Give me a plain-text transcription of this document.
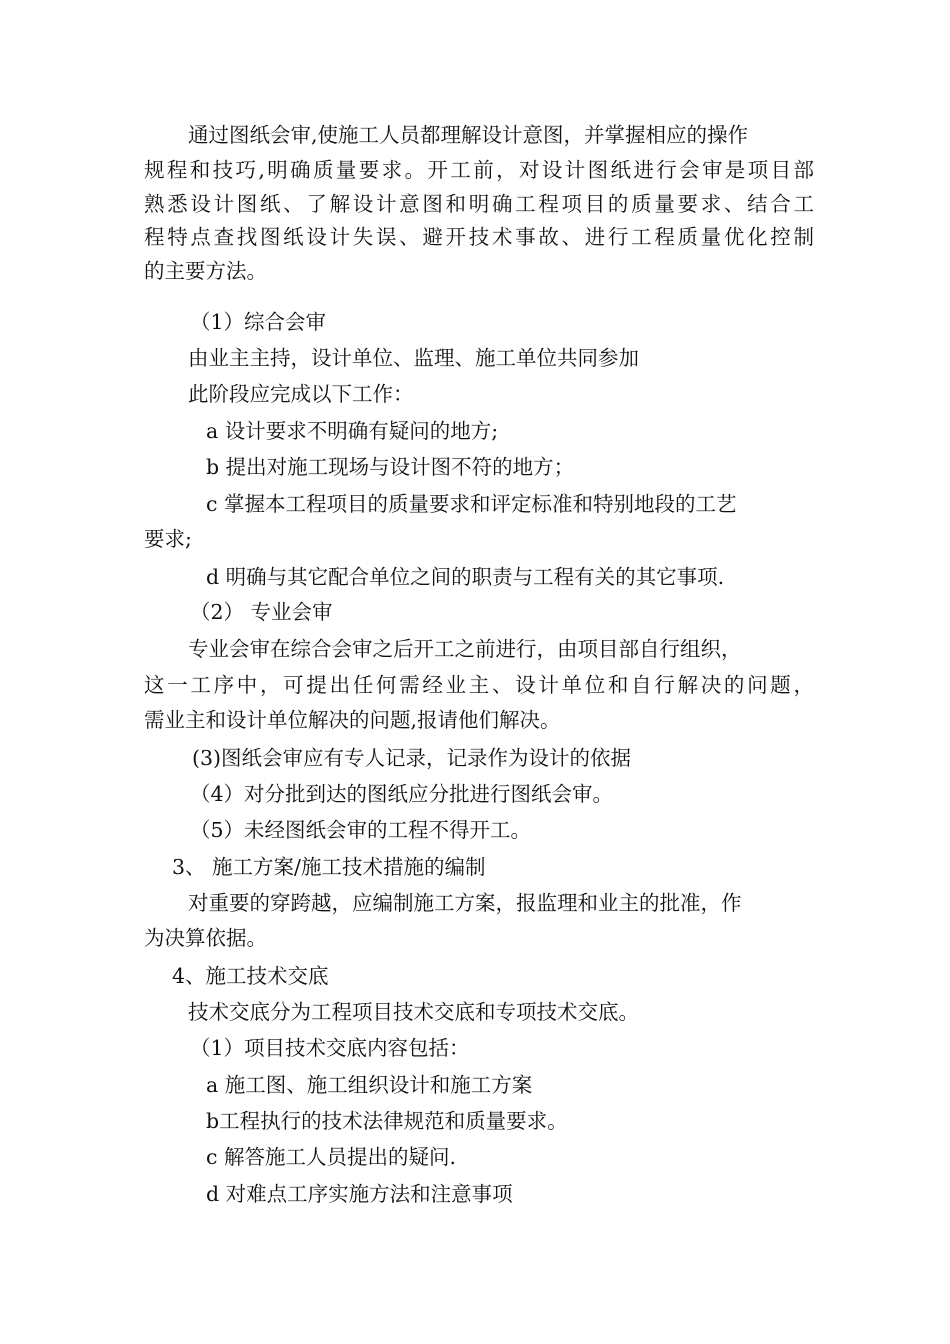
通过图纸会审,使施工人员都理解设计意图，并掌握相应的操作
规程和技巧,明确质量要求。开工前，对设计图纸进行会审是项目部
熟悉设计图纸、了解设计意图和明确工程项目的质量要求、结合工
程特点查找图纸设计失误、避开技术事故、进行工程质量优化控制
的主要方法。
（1）综合会审
由业主主持，设计单位、监理、施工单位共同参加
此阶段应完成以下工作：
a 设计要求不明确有疑问的地方;
b 提出对施工现场与设计图不符的地方；
c 掌握本工程项目的质量要求和评定标准和特别地段的工艺
要求;
d 明确与其它配合单位之间的职责与工程有关的其它事项.
（2） 专业会审
专业会审在综合会审之后开工之前进行，由项目部自行组织，
这一工序中，可提出任何需经业主、设计单位和自行解决的问题，
需业主和设计单位解决的问题,报请他们解决。
(3)图纸会审应有专人记录，记录作为设计的依据
（4）对分批到达的图纸应分批进行图纸会审。
（5）未经图纸会审的工程不得开工。
3、 施工方案/施工技术措施的编制
对重要的穿跨越，应编制施工方案，报监理和业主的批准，作
为决算依据。
4、施工技术交底
技术交底分为工程项目技术交底和专项技术交底。
（1）项目技术交底内容包括：
a 施工图、施工组织设计和施工方案
b工程执行的技术法律规范和质量要求。
c 解答施工人员提出的疑问.
d 对难点工序实施方法和注意事项
